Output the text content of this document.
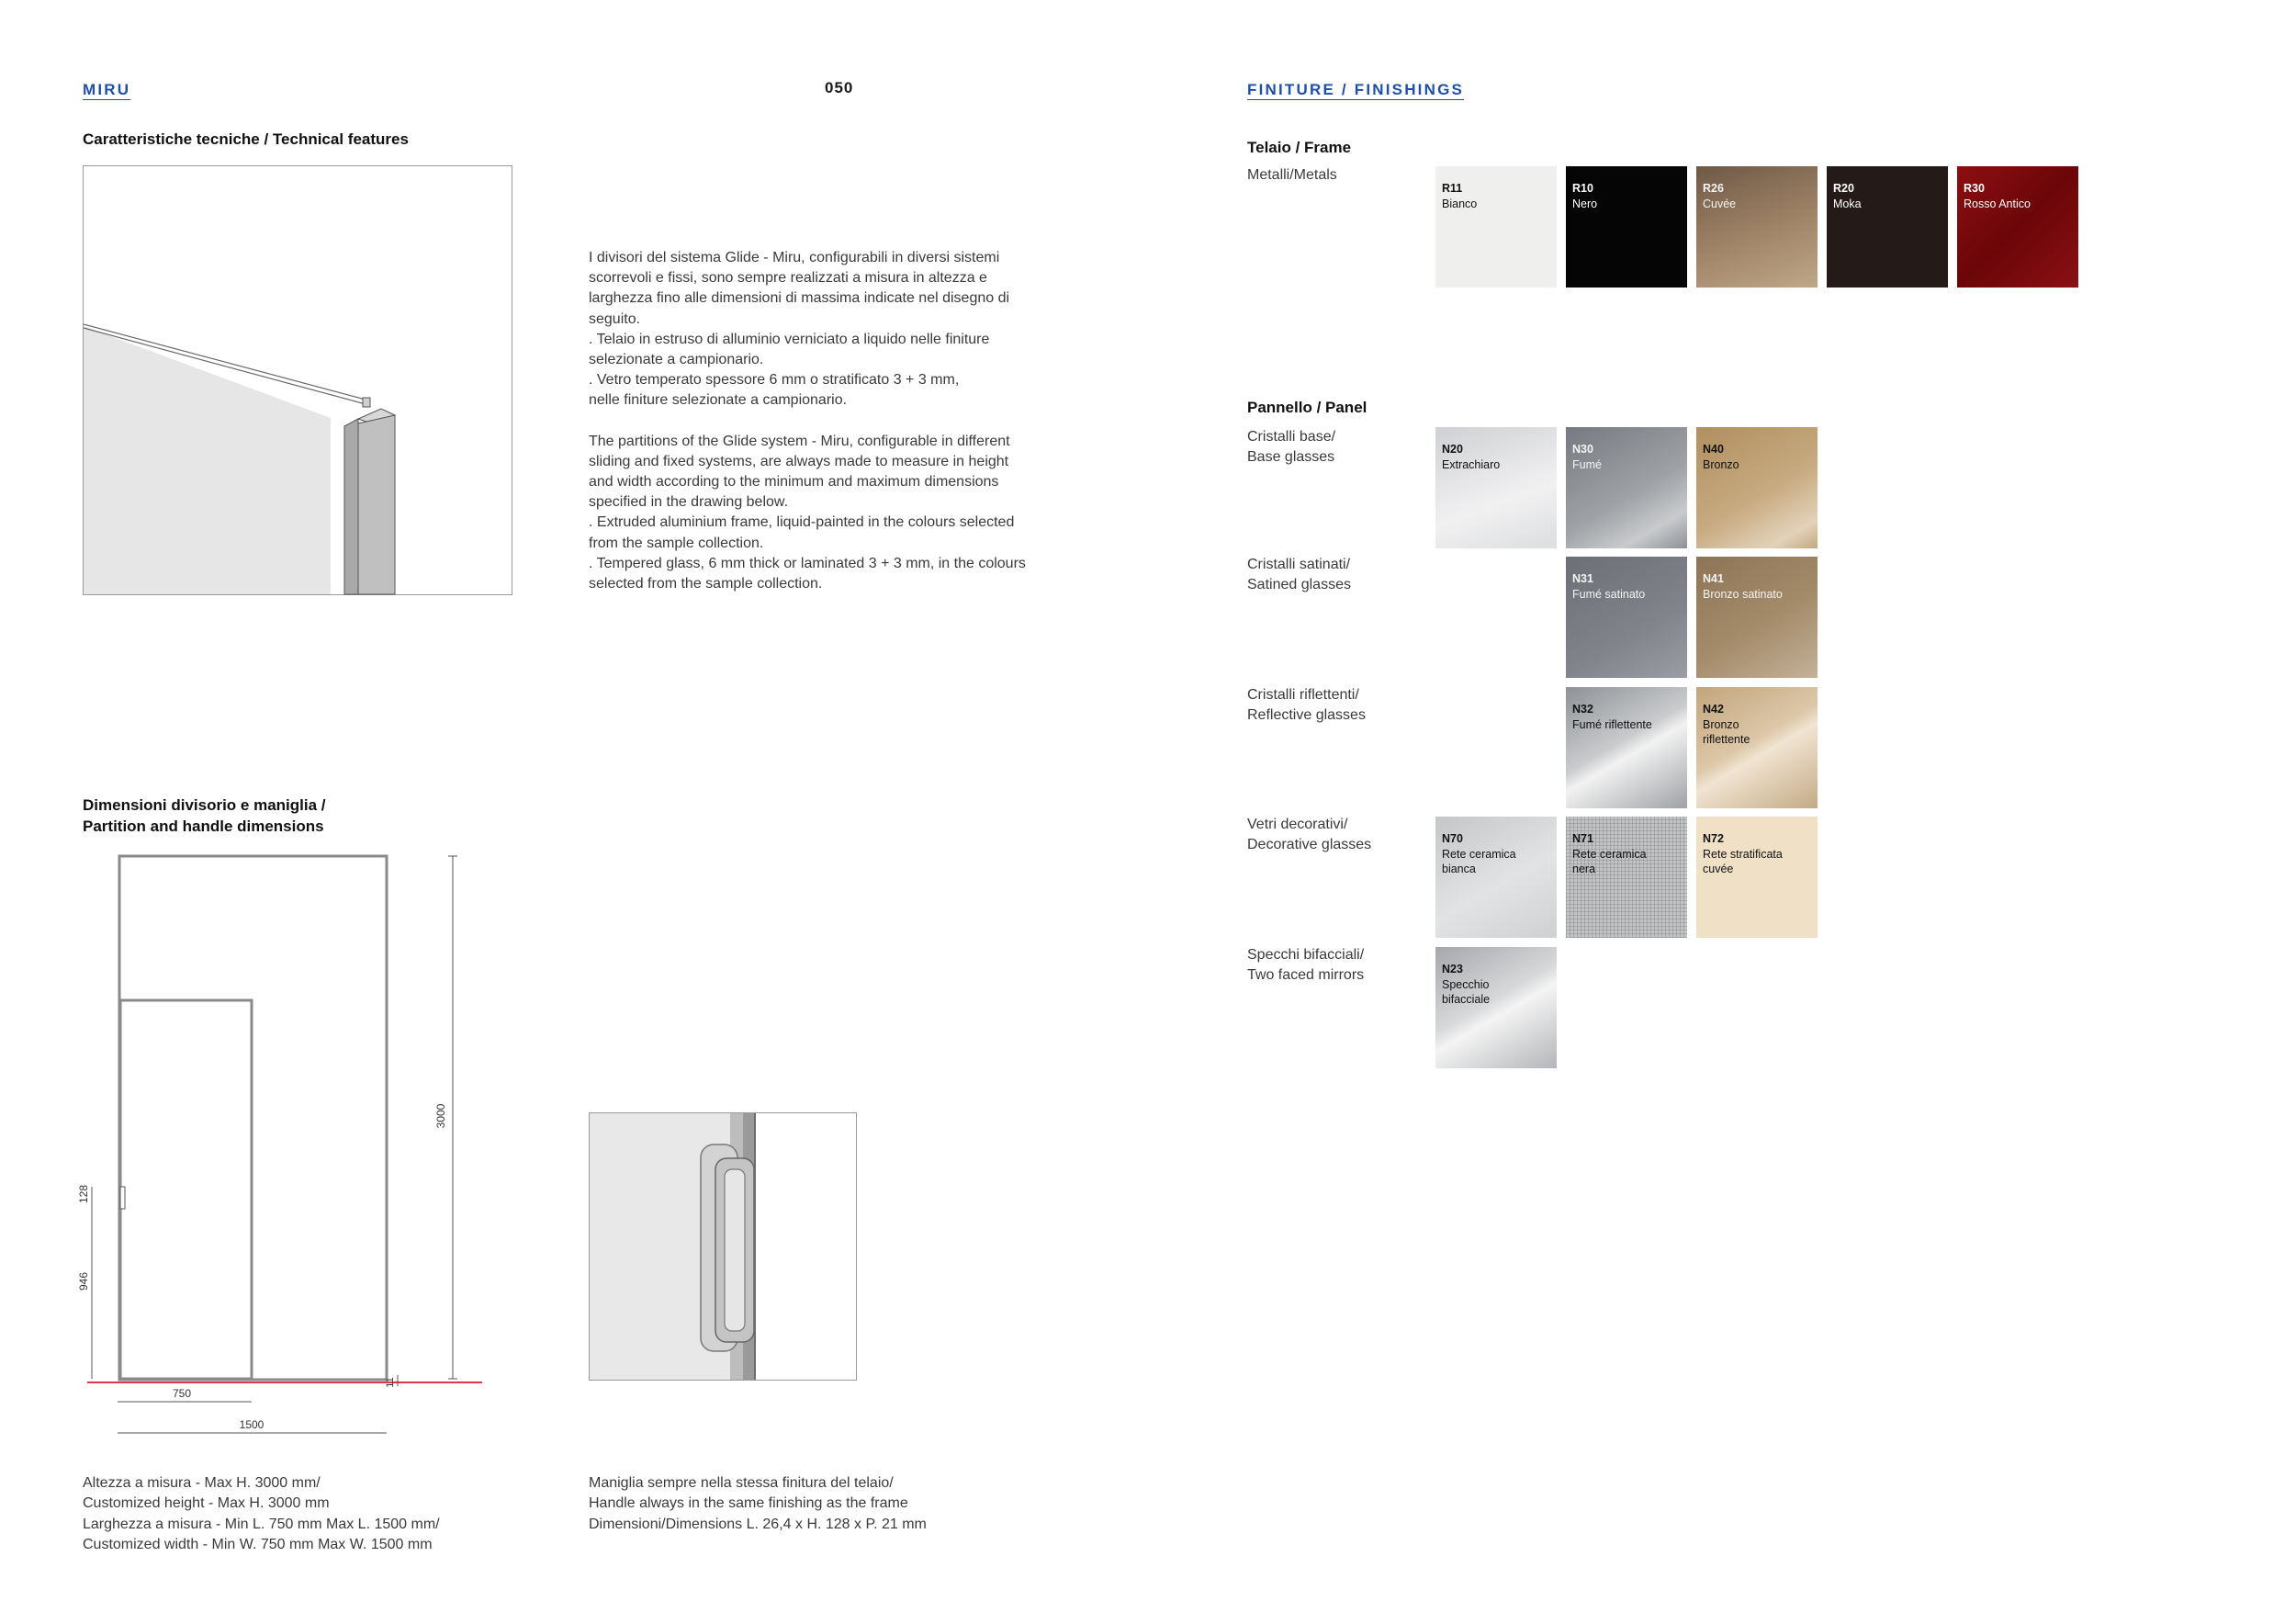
MIRU	050
Caratteristiche tecniche / Technical features

I divisori del sistema Glide - Miru, configurabili in diversi sistemi
scorrevoli e fissi, sono sempre realizzati a misura in altezza e
larghezza fino alle dimensioni di massima indicate nel disegno di
seguito.
. Telaio in estruso di alluminio verniciato a liquido nelle finiture
selezionate a campionario.
. Vetro temperato spessore 6 mm o stratificato 3 + 3 mm,
nelle finiture selezionate a campionario.

The partitions of the Glide system - Miru, configurable in different
sliding and fixed systems, are always made to measure in height
and width according to the minimum and maximum dimensions
specified in the drawing below.
. Extruded aluminium frame, liquid-painted in the colours selected
from the sample collection.
. Tempered glass, 6 mm thick or laminated 3 + 3 mm, in the colours
selected from the sample collection.

Dimensioni divisorio e maniglia /
Partition and handle dimensions
3000
128
946
11
750
1500
Altezza a misura - Max H. 3000 mm/
Customized height - Max H. 3000 mm
Larghezza a misura - Min L. 750 mm Max L. 1500 mm/
Customized width - Min W. 750 mm Max W. 1500 mm
Maniglia sempre nella stessa finitura del telaio/
Handle always in the same finishing as the frame
Dimensioni/Dimensions L. 26,4 x H. 128 x P. 21 mm
FINITURE / FINISHINGS
Telaio / Frame
Metalli/Metals
R11
Bianco
R10
Nero
R26
Cuvée
R20
Moka
R30
Rosso Antico
Pannello / Panel
Cristalli base/
Base glasses
Cristalli satinati/
Satined glasses
Cristalli riflettenti/
Reflective glasses
Vetri decorativi/
Decorative glasses
Specchi bifacciali/
Two faced mirrors
N20
Extrachiaro
N30
Fumé
N40
Bronzo
N31
Fumé satinato
N41
Bronzo satinato
N32
Fumé riflettente
N42
Bronzo
riflettente
N70
Rete ceramica
bianca
N71
Rete ceramica
nera
N72
Rete stratificata
cuvée
N23
Specchio
bifacciale
